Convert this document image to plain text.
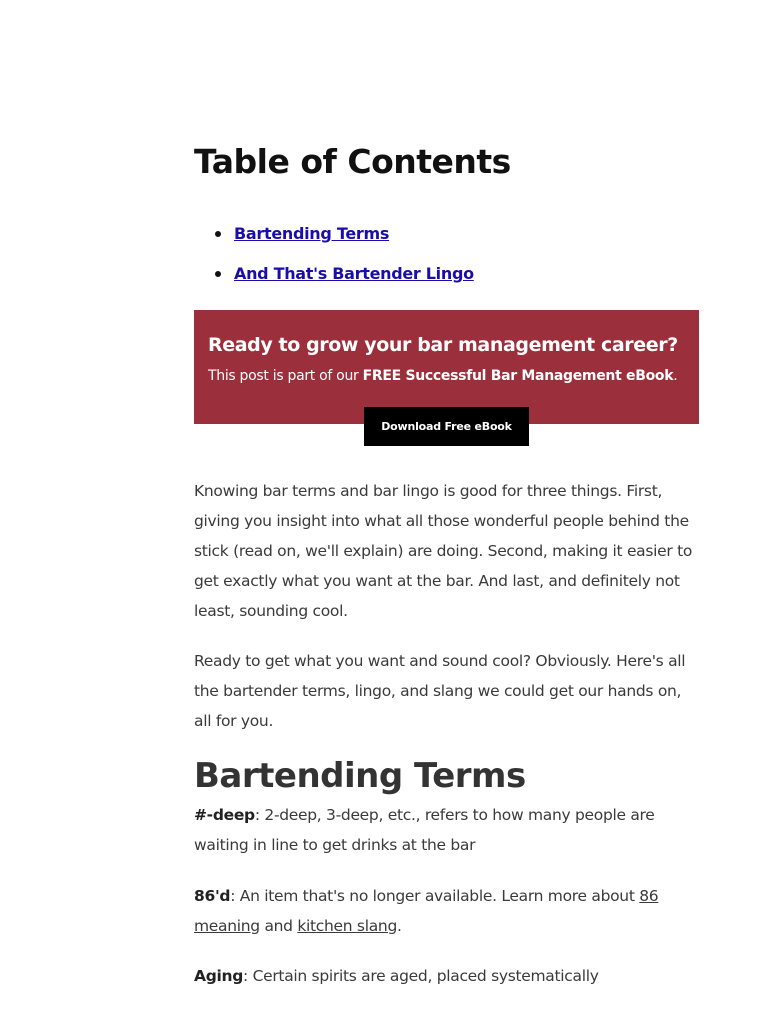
Table of Contents
Bartending Terms
And That's Bartender Lingo

Ready to grow your bar management career?

This post is part of our FREE Successful Bar Management eBook.
Download Free eBook

Knowing bar terms and bar lingo is good for three things. First, giving you insight into what all those wonderful people behind the stick (read on, we'll explain) are doing. Second, making it easier to get exactly what you want at the bar. And last, and definitely not least, sounding cool.

Ready to get what you want and sound cool? Obviously. Here's all the bartender terms, lingo, and slang we could get our hands on, all for you.

Bartending Terms

#-deep: 2-deep, 3-deep, etc., refers to how many people are waiting in line to get drinks at the bar

86'd: An item that's no longer available. Learn more about 86 meaning and kitchen slang.

Aging: Certain spirits are aged, placed systematically
